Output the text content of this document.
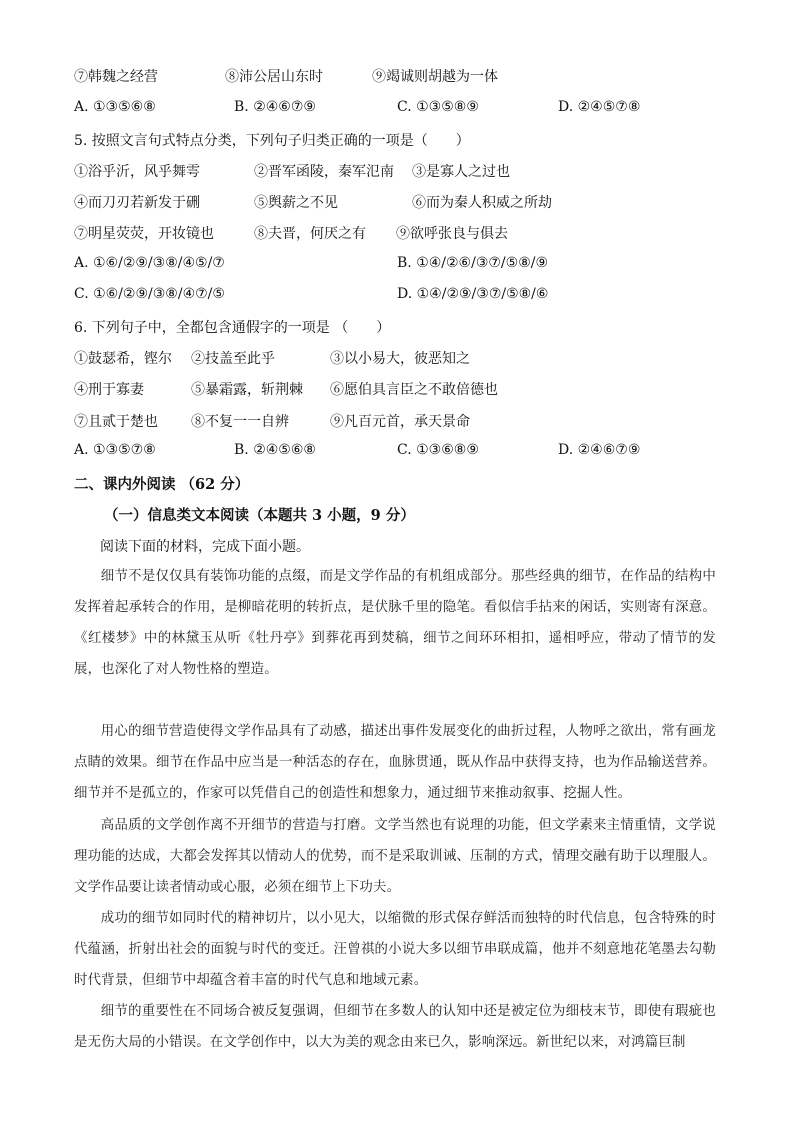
⑦韩魏之经营	⑧沛公居山东时	⑨竭诚则胡越为一体
A. ①③⑤⑥⑧	B. ②④⑥⑦⑨	C. ①③⑤⑧⑨	D. ②④⑤⑦⑧
5. 按照文言句式特点分类，下列句子归类正确的一项是（　　）
①浴乎沂，风乎舞雩	②晋军函陵，秦军氾南 ③是寡人之过也
④而刀刃若新发于硎	⑤舆薪之不见	⑥而为秦人积威之所劫
⑦明星荧荧，开妆镜也	⑧夫晋，何厌之有 ⑨欲呼张良与俱去
A. ①⑥/②⑨/③⑧/④⑤/⑦	B. ①④/②⑥/③⑦/⑤⑧/⑨
C. ①⑥/②⑨/③⑧/④⑦/⑤	D. ①④/②⑨/③⑦/⑤⑧/⑥
6. 下列句子中，全都包含通假字的一项是 （　　）
①鼓瑟希，铿尔 ②技盖至此乎	③以小易大，彼恶知之
④刑于寡妻	⑤暴霜露，斩荆棘 ⑥愿伯具言臣之不敢倍德也
⑦且贰于楚也 ⑧不复一一自辨	⑨凡百元首，承天景命
A. ①③⑤⑦⑧	B. ②④⑤⑥⑧	C. ①③⑥⑧⑨	D. ②④⑥⑦⑨
二、课内外阅读 （62 分）
（一）信息类文本阅读（本题共 3 小题，9 分）
阅读下面的材料，完成下面小题。
细节不是仅仅具有装饰功能的点缀，而是文学作品的有机组成部分。那些经典的细节，在作品的结构中发挥着起承转合的作用，是柳暗花明的转折点，是伏脉千里的隐笔。看似信手拈来的闲话，实则寄有深意。《红楼梦》中的林黛玉从听《牡丹亭》到葬花再到焚稿，细节之间环环相扣，遥相呼应，带动了情节的发展，也深化了对人物性格的塑造。
用心的细节营造使得文学作品具有了动感，描述出事件发展变化的曲折过程，人物呼之欲出，常有画龙点睛的效果。细节在作品中应当是一种活态的存在，血脉贯通，既从作品中获得支持，也为作品输送营养。细节并不是孤立的，作家可以凭借自己的创造性和想象力，通过细节来推动叙事、挖掘人性。
高品质的文学创作离不开细节的营造与打磨。文学当然也有说理的功能，但文学素来主情重情，文学说理功能的达成，大都会发挥其以情动人的优势，而不是采取训诫、压制的方式，情理交融有助于以理服人。文学作品要让读者情动或心服，必须在细节上下功夫。
成功的细节如同时代的精神切片，以小见大，以缩微的形式保存鲜活而独特的时代信息，包含特殊的时代蕴涵，折射出社会的面貌与时代的变迁。汪曾祺的小说大多以细节串联成篇，他并不刻意地花笔墨去勾勒时代背景，但细节中却蕴含着丰富的时代气息和地域元素。
细节的重要性在不同场合被反复强调，但细节在多数人的认知中还是被定位为细枝末节，即使有瑕疵也是无伤大局的小错误。在文学创作中，以大为美的观念由来已久，影响深远。新世纪以来，对鸿篇巨制
